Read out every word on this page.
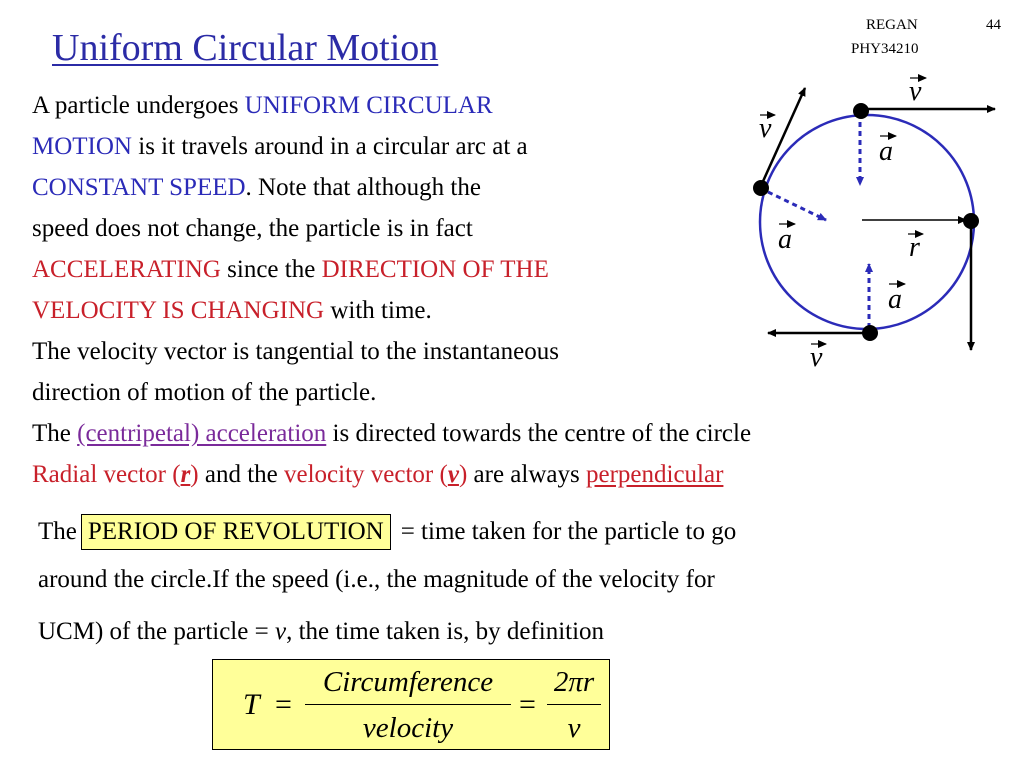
REGAN	44
PHY34210
Uniform Circular Motion
A particle undergoes UNIFORM CIRCULAR
MOTION is it travels around in a circular arc at a
CONSTANT SPEED. Note that although the
speed does not change, the particle is in fact
ACCELERATING since the DIRECTION OF THE
VELOCITY IS CHANGING with time.
The velocity vector is tangential to the instantaneous
direction of motion of the particle.
The (centripetal) acceleration is directed towards the centre of the circle
Radial vector (r) and the velocity vector (v) are always perpendicular
The PERIOD OF REVOLUTION = time taken for the particle to go
around the circle.If the speed (i.e., the magnitude of the velocity for
UCM) of the particle = v, the time taken is, by definition
T =
Circumference
velocity
=
2πr
v
v
v
a
a	r
a
v
